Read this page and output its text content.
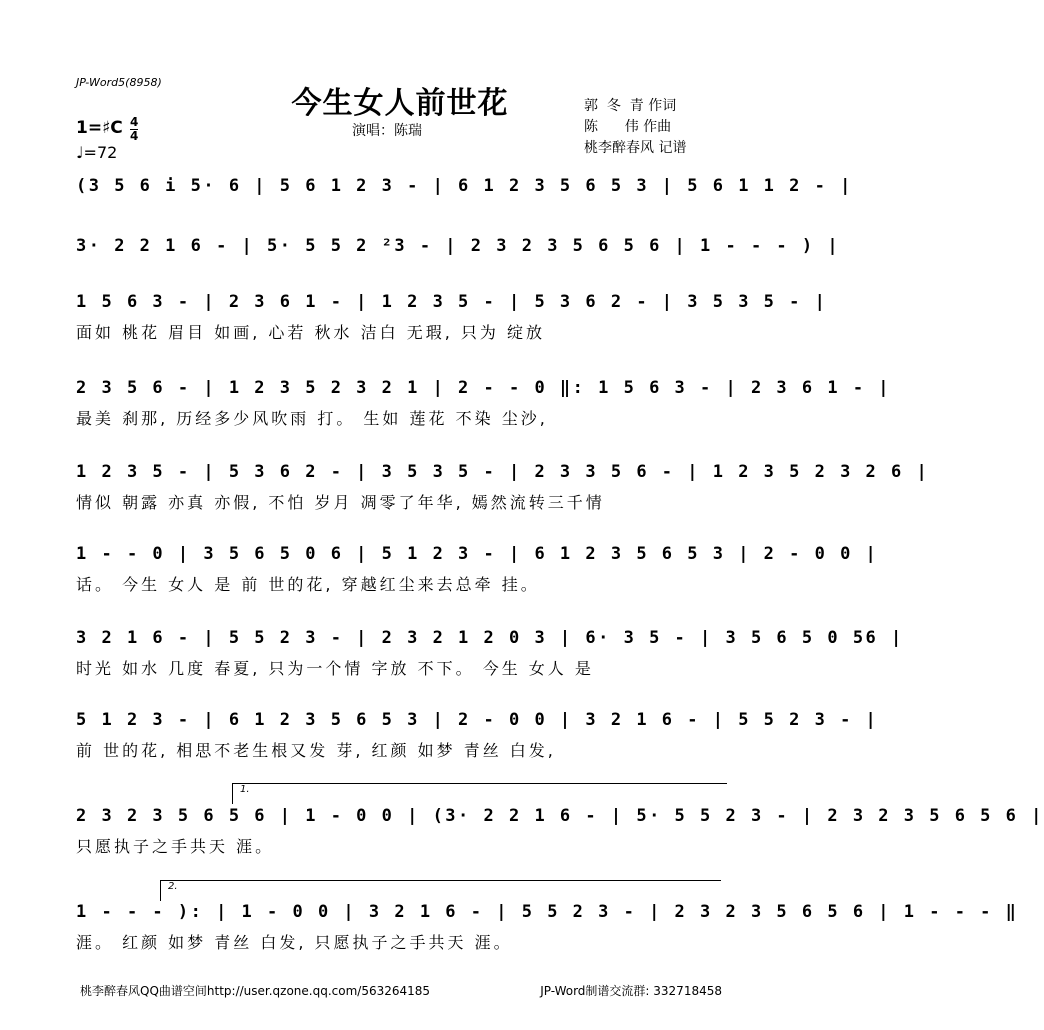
JP-Word5(8958)
今生女人前世花
演唱：陈瑞
郭  冬  青 作词
陈      伟 作曲
桃李醉春风 记谱
1=♯C 4
4
♩=72
(3 5 6 i 5· 6 | 5 6 1 2 3 - | 6 1 2 3 5 6 5 3 | 5 6 1 1 2 - |
3· 2 2 1 6 - | 5· 5 5 2 ²3 - | 2 3 2 3 5 6 5 6 | 1 - - - ) |
1 5 6 3 - | 2 3 6 1 - | 1 2 3 5 - | 5 3 6 2 - | 3 5 3 5 - |
面如 桃花 眉目 如画, 心若 秋水 洁白 无瑕, 只为 绽放
2 3 5 6 - | 1 2 3 5 2 3 2 1 | 2 - - 0 ‖: 1 5 6 3 - | 2 3 6 1 - |
最美 刹那, 历经多少风吹雨 打。 生如 莲花 不染 尘沙,
1 2 3 5 - | 5 3 6 2 - | 3 5 3 5 - | 2 3 3 5 6 - | 1 2 3 5 2 3 2 6 |
情似 朝露 亦真 亦假, 不怕 岁月 凋零了年华, 嫣然流转三千情
1 - - 0 | 3 5 6 5 0 6 | 5 1 2 3 - | 6 1 2 3 5 6 5 3 | 2 - 0 0 |
话。 今生 女人 是 前 世的花, 穿越红尘来去总牵 挂。
3 2 1 6 - | 5 5 2 3 - | 2 3 2 1 2 0 3 | 6· 3 5 - | 3 5 6 5 0 56 |
时光 如水 几度 春夏, 只为一个情 字放 不下。 今生 女人 是
5 1 2 3 - | 6 1 2 3 5 6 5 3 | 2 - 0 0 | 3 2 1 6 - | 5 5 2 3 - |
前 世的花, 相思不老生根又发 芽, 红颜 如梦 青丝 白发,
1.
2 3 2 3 5 6 5 6 | 1 - 0 0 | (3· 2 2 1 6 - | 5· 5 5 2 3 - | 2 3 2 3 5 6 5 6 |
只愿执子之手共天 涯。
2.
1 - - - ): | 1 - 0 0 | 3 2 1 6 - | 5 5 2 3 - | 2 3 2 3 5 6 5 6 | 1 - - - ‖
涯。 红颜 如梦 青丝 白发, 只愿执子之手共天 涯。
桃李醉春风QQ曲谱空间http://user.qzone.qq.com/563264185	JP-Word制谱交流群: 332718458
